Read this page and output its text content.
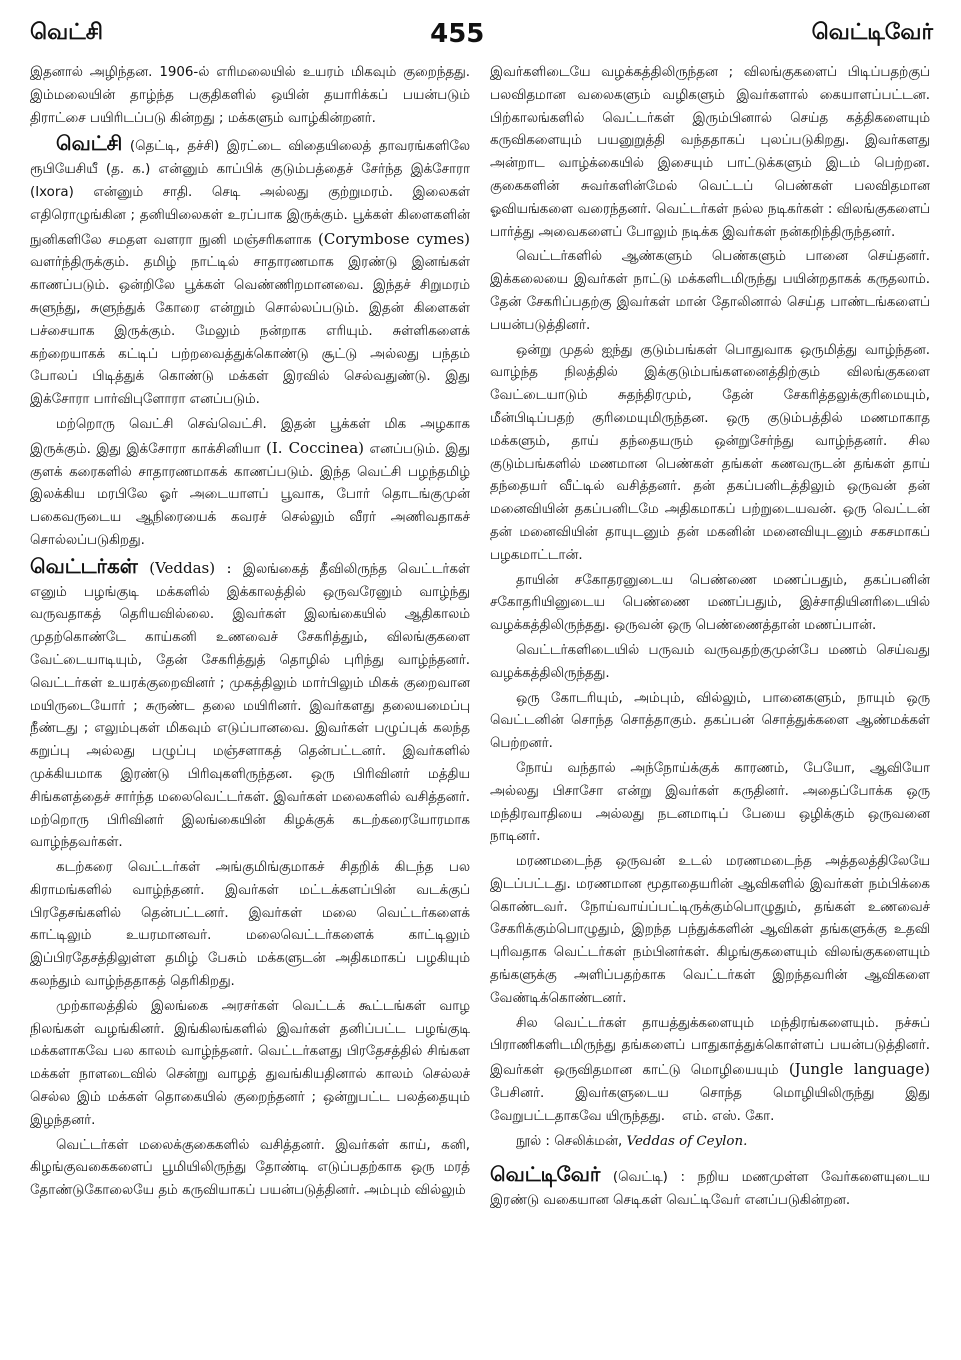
வெட்சி	455	வெட்டிவேர்

இதனால் அழிந்தன. 1906-ல் எரிமலையில் உயரம் மிகவும் குறைந்தது. இம்மலையின் தாழ்ந்த பகுதிகளில் ஒயின் தயாரிக்கப் பயன்படும் திராட்சை பயிரிடப்படு கின்றது ; மக்களும் வாழ்கின்றனர்.

வெட்சி (தெட்டி, தச்சி) இரட்டை விதையிலைத் தாவரங்களிலே ரூபியேசியீ (த. க.) என்னும் காப்பிக் குடும்பத்தைச் சேர்ந்த இக்சோரா (Ixora) என்னும் சாதி. செடி அல்லது குற்றுமரம். இலைகள் எதிரொழுங்கின ; தனியிலைகள் உரப்பாக இருக்கும். பூக்கள் கிளைகளின் நுனிகளிலே சமதள வளரா நுனி மஞ்சரிகளாக (Corymbose cymes) வளர்ந்திருக்கும். தமிழ் நாட்டில் சாதாரணமாக இரண்டு இனங்கள் காணப்படும். ஒன்றிலே பூக்கள் வெண்ணிறமானவை. இந்தச் சிறுமரம் சுளுந்து, சுளுந்துக் கோரை என்றும் சொல்லப்படும். இதன் கிளைகள் பச்சையாக இருக்கும். மேலும் நன்றாக எரியும். சுள்ளிகளைக் கற்றையாகக் கட்டிப் பற்றவைத்துக்கொண்டு சூட்டு அல்லது பந்தம் போலப் பிடித்துக் கொண்டு மக்கள் இரவில் செல்வதுண்டு. இது இக்சோரா பார்விபுளோரா எனப்படும்.

மற்றொரு வெட்சி செவ்வெட்சி. இதன் பூக்கள் மிக அழகாக இருக்கும். இது இக்சோரா காக்சினியா (I. Coccinea) எனப்படும். இது குளக் கரைகளில் சாதாரணமாகக் காணப்படும். இந்த வெட்சி பழந்தமிழ் இலக்கிய மரபிலே ஓர் அடையாளப் பூவாக, போர் தொடங்குமுன் பகைவருடைய ஆநிரையைக் கவரச் செல்லும் வீரர் அணிவதாகச் சொல்லப்படுகிறது.

வெட்டர்கள் (Veddas) : இலங்கைத் தீவிலிருந்த வெட்டர்கள் எனும் பழங்குடி மக்களில் இக்காலத்தில் ஒருவரேனும் வாழ்ந்து வருவதாகத் தெரியவில்லை. இவர்கள் இலங்கையில் ஆதிகாலம் முதற்கொண்டே காய்கனி உணவைச் சேகரித்தும், விலங்குகளை வேட்டையாடியும், தேன் சேகரித்துத் தொழில் புரிந்து வாழ்ந்தனர். வெட்டர்கள் உயரக்குறைவினர் ; முகத்திலும் மார்பிலும் மிகக் குறைவான மயிருடையோர் ; சுருண்ட தலை மயிரினர். இவர்களது தலையமைப்பு நீண்டது ; எலும்புகள் மிகவும் எடுப்பானவை. இவர்கள் பழுப்புக் கலந்த கறுப்பு அல்லது பழுப்பு மஞ்சளாகத் தென்பட்டனர். இவர்களில் முக்கியமாக இரண்டு பிரிவுகளிருந்தன. ஒரு பிரிவினர் மத்திய சிங்களத்தைச் சார்ந்த மலைவெட்டர்கள். இவர்கள் மலைகளில் வசித்தனர். மற்றொரு பிரிவினர் இலங்கையின் கிழக்குக் கடற்கரையோரமாக வாழ்ந்தவர்கள்.

கடற்கரை வெட்டர்கள் அங்குமிங்குமாகச் சிதறிக் கிடந்த பல கிராமங்களில் வாழ்ந்தனர். இவர்கள் மட்டக்களப்பின் வடக்குப் பிரதேசங்களில் தென்பட்டனர். இவர்கள் மலை வெட்டர்களைக் காட்டிலும் உயரமானவர். மலைவெட்டர்களைக் காட்டிலும் இப்பிரதேசத்திலுள்ள தமிழ் பேசும் மக்களுடன் அதிகமாகப் பழகியும் கலந்தும் வாழ்ந்ததாகத் தெரிகிறது.

முற்காலத்தில் இலங்கை அரசர்கள் வெட்டக் கூட்டங்கள் வாழ நிலங்கள் வழங்கினர். இங்கிலங்களில் இவர்கள் தனிப்பட்ட பழங்குடி மக்களாகவே பல காலம் வாழ்ந்தனர். வெட்டர்களது பிரதேசத்தில் சிங்கள மக்கள் நாளடைவில் சென்று வாழத் துவங்கியதினால் காலம் செல்லச் செல்ல இம் மக்கள் தொகையில் குறைந்தனர் ; ஒன்றுபட்ட பலத்தையும் இழந்தனர்.

வெட்டர்கள் மலைக்குகைகளில் வசித்தனர். இவர்கள் காய், கனி, கிழங்குவகைகளைப் பூமியிலிருந்து தோண்டி எடுப்பதற்காக ஒரு மரத் தோண்டுகோலையே தம் கருவியாகப் பயன்படுத்தினர். அம்பும் வில்லும்

இவர்களிடையே வழக்கத்திலிருந்தன ; விலங்குகளைப் பிடிப்பதற்குப் பலவிதமான வலைகளும் வழிகளும் இவர்களால் கையாளப்பட்டன. பிற்காலங்களில் வெட்டர்கள் இரும்பினால் செய்த கத்திகளையும் கருவிகளையும் பயனுறுத்தி வந்ததாகப் புலப்படுகிறது. இவர்களது அன்றாட வாழ்க்கையில் இசையும் பாட்டுக்களும் இடம் பெற்றன. குகைகளின் சுவர்களின்மேல் வெட்டப் பெண்கள் பலவிதமான ஓவியங்களை வரைந்தனர். வெட்டர்கள் நல்ல நடிகர்கள் : விலங்குகளைப் பார்த்து அவைகளைப் போலும் நடிக்க இவர்கள் நன்கறிந்திருந்தனர்.

வெட்டர்களில் ஆண்களும் பெண்களும் பானை செய்தனர். இக்கலையை இவர்கள் நாட்டு மக்களிடமிருந்து பயின்றதாகக் கருதலாம். தேன் சேகரிப்பதற்கு இவர்கள் மான் தோலினால் செய்த பாண்டங்களைப் பயன்படுத்தினர்.

ஒன்று முதல் ஐந்து குடும்பங்கள் பொதுவாக ஒருமித்து வாழ்ந்தன. வாழ்ந்த நிலத்தில் இக்குடும்பங்களனைத்திற்கும் விலங்குகளை வேட்டையாடும் சுதந்திரமும், தேன் சேகரித்தலுக்குரிமையும், மீன்பிடிப்பதற் குரிமையுமிருந்தன. ஒரு குடும்பத்தில் மணமாகாத மக்களும், தாய் தந்தையரும் ஒன்றுசேர்ந்து வாழ்ந்தனர். சில குடும்பங்களில் மணமான பெண்கள் தங்கள் கணவருடன் தங்கள் தாய் தந்தையர் வீட்டில் வசித்தனர். தன் தகப்பனிடத்திலும் ஒருவன் தன் மனைவியின் தகப்பனிடமே அதிகமாகப் பற்றுடையவன். ஒரு வெட்டன் தன் மனைவியின் தாயுடனும் தன் மகனின் மனைவியுடனும் சகசமாகப் பழகமாட்டான்.

தாயின் சகோதரனுடைய பெண்ணை மணப்பதும், தகப்பனின் சகோதரியினுடைய பெண்ணை மணப்பதும், இச்சாதியினரிடையில் வழக்கத்திலிருந்தது. ஒருவன் ஒரு பெண்ணைத்தான் மணப்பான்.

வெட்டர்களிடையில் பருவம் வருவதற்குமுன்பே மணம் செய்வது வழக்கத்திலிருந்தது.

ஒரு கோடரியும், அம்பும், வில்லும், பானைகளும், நாயும் ஒரு வெட்டனின் சொந்த சொத்தாகும். தகப்பன் சொத்துக்களை ஆண்மக்கள் பெற்றனர்.

நோய் வந்தால் அந்நோய்க்குக் காரணம், பேயோ, ஆவியோ அல்லது பிசாசோ என்று இவர்கள் கருதினர். அதைப்போக்க ஒரு மந்திரவாதியை அல்லது நடனமாடிப் பேயை ஒழிக்கும் ஒருவனை நாடினர்.

மரணமடைந்த ஒருவன் உடல் மரணமடைந்த அத்தலத்திலேயே இடப்பட்டது. மரணமான மூதாதையரின் ஆவிகளில் இவர்கள் நம்பிக்கை கொண்டவர். நோய்வாய்ப்பட்டிருக்கும்பொழுதும், தங்கள் உணவைச் சேகரிக்கும்பொழுதும், இறந்த பந்துக்களின் ஆவிகள் தங்களுக்கு உதவி புரிவதாக வெட்டர்கள் நம்பினர்கள். கிழங்குகளையும் விலங்குகளையும் தங்களுக்கு அளிப்பதற்காக வெட்டர்கள் இறந்தவரின் ஆவிகளை வேண்டிக்கொண்டனர்.

சில வெட்டர்கள் தாயத்துக்களையும் மந்திரங்களையும். நச்சுப் பிராணிகளிடமிருந்து தங்களைப் பாதுகாத்துக்கொள்ளப் பயன்படுத்தினர். இவர்கள் ஒருவிதமான காட்டு மொழியையும் (Jungle language) பேசினர். இவர்களுடைய சொந்த மொழியிலிருந்து இது வேறுபட்டதாகவே யிருந்தது. எம். எஸ். கோ.

நூல் : செலிக்மன், Veddas of Ceylon.

வெட்டிவேர் (வெட்டி) : நறிய மணமுள்ள வேர்களையுடைய இரண்டு வகையான செடிகள் வெட்டிவேர் எனப்படுகின்றன.
